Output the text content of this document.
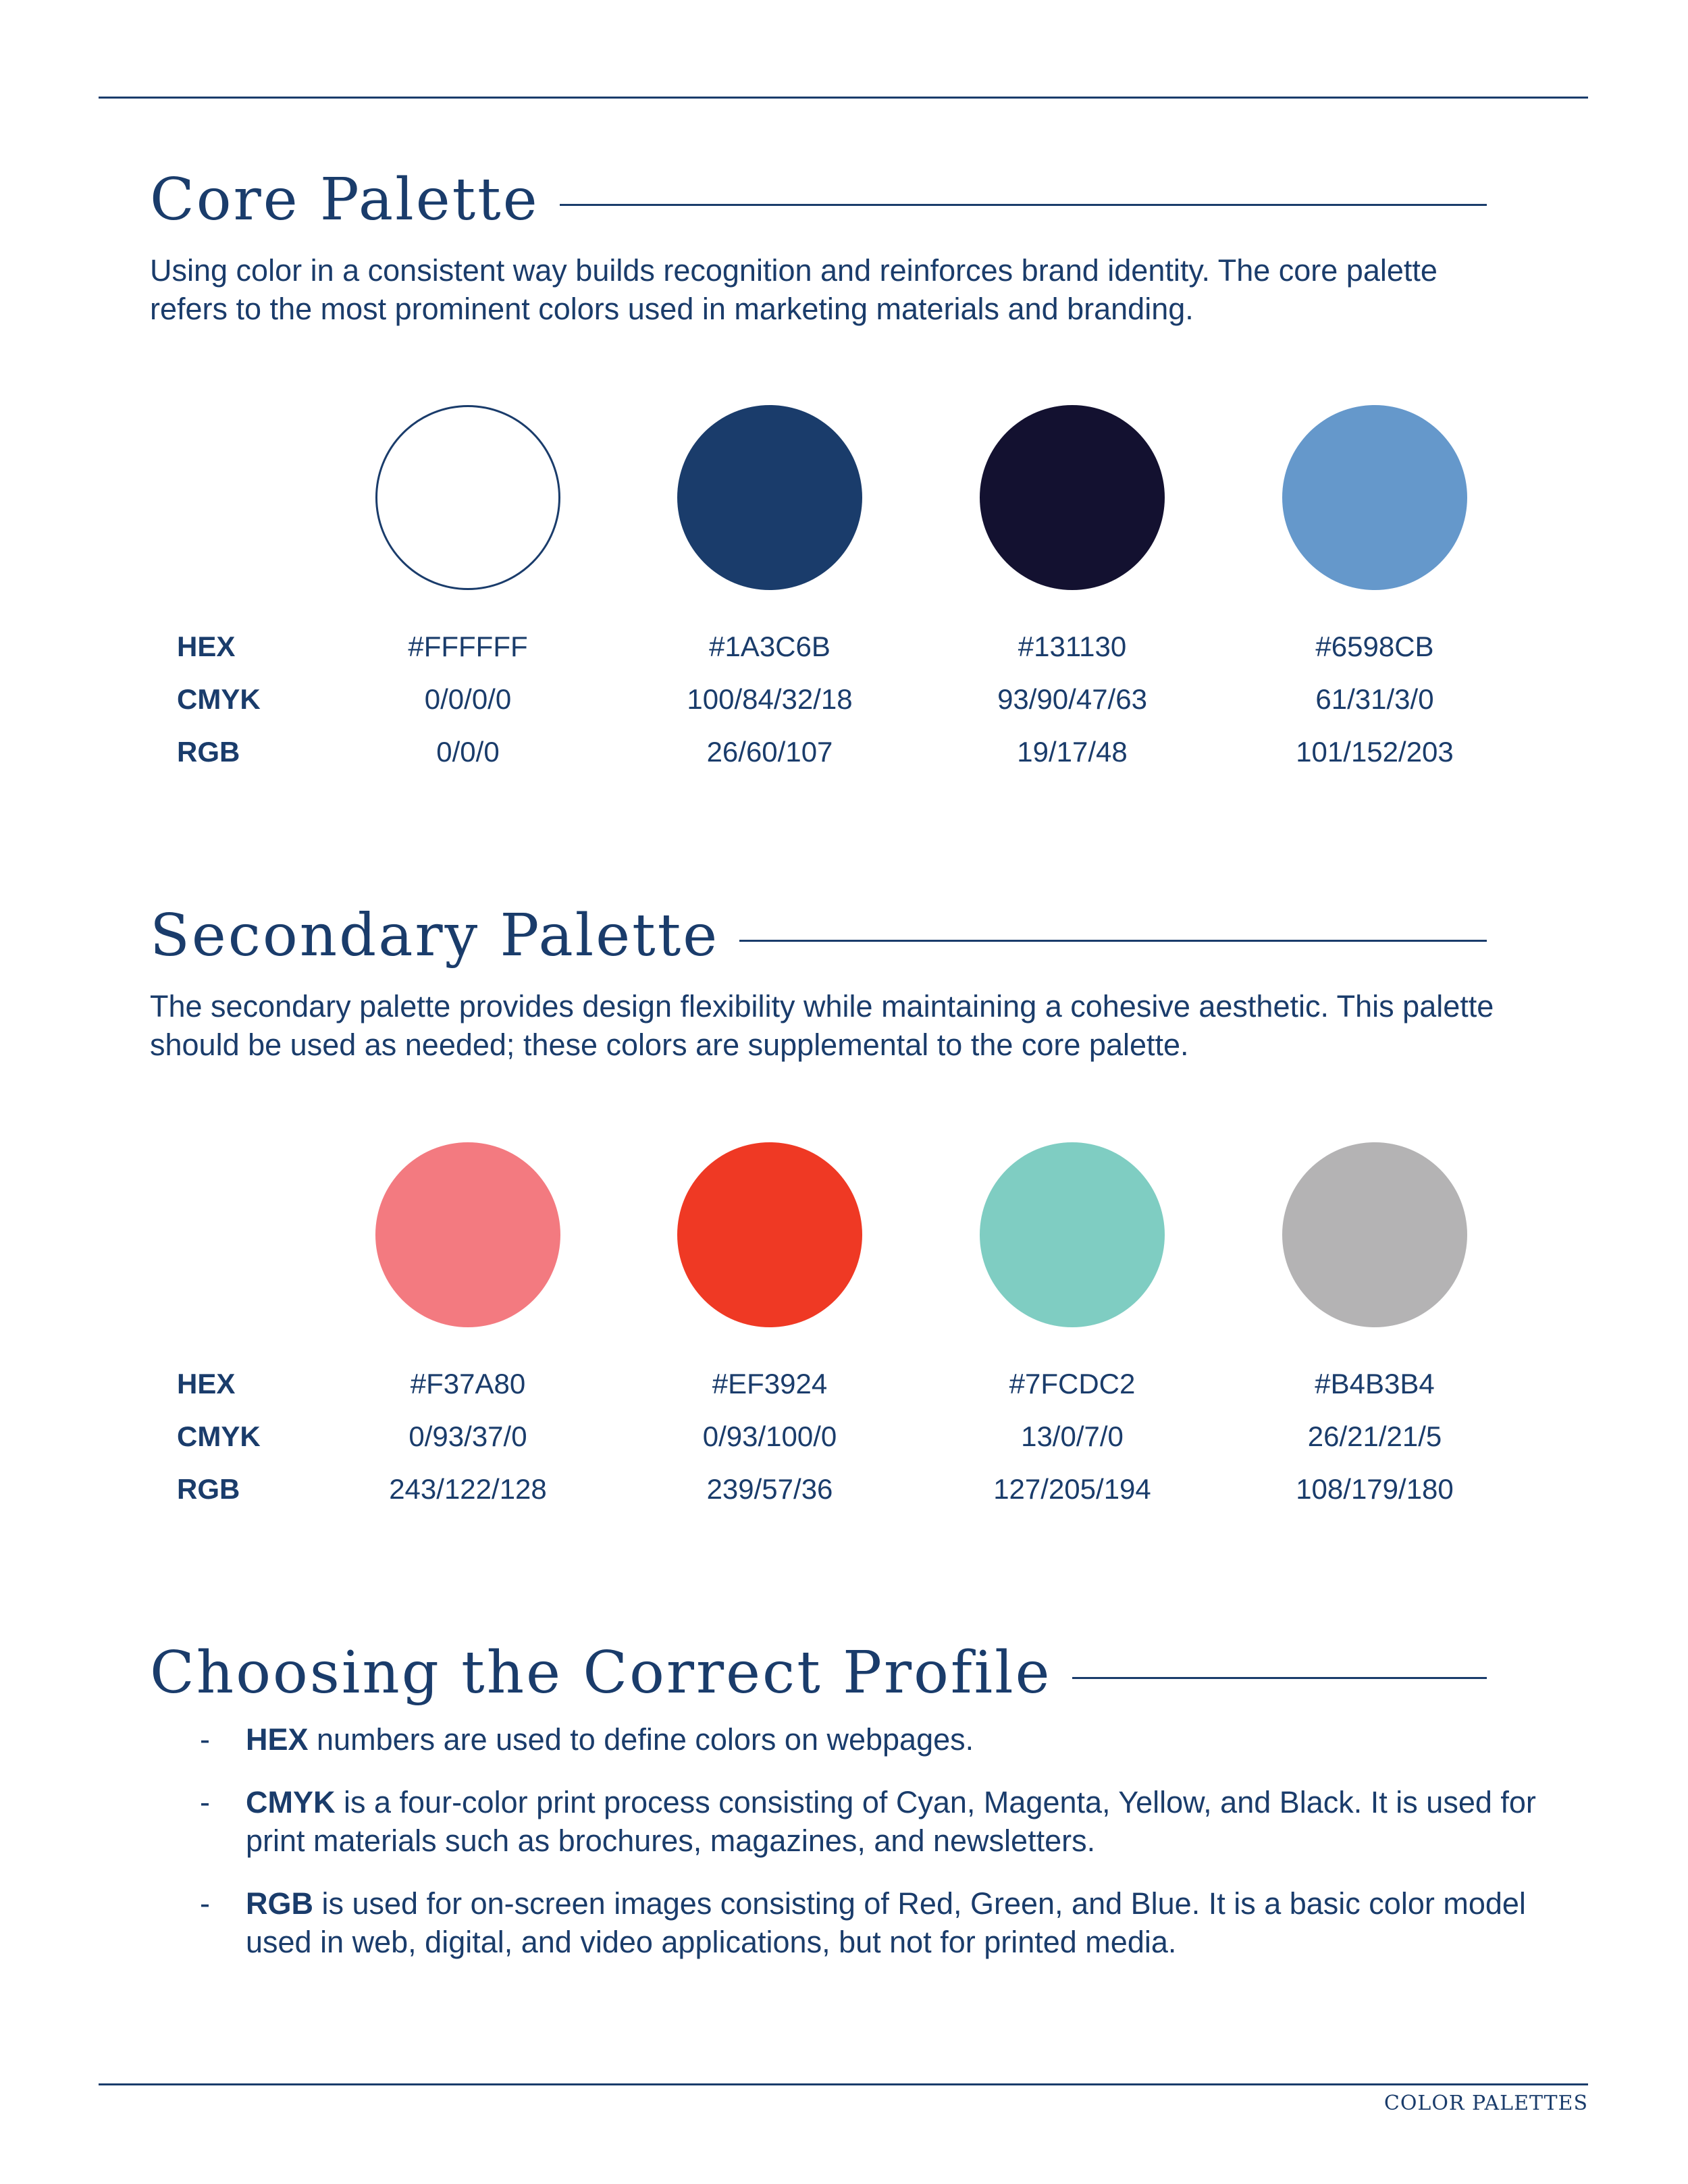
Core Palette
Using color in a consistent way builds recognition and reinforces brand identity. The core palette refers to the most prominent colors used in marketing materials and branding.
HEX	#FFFFFF	#1A3C6B	#131130	#6598CB
CMYK	0/0/0/0	100/84/32/18	93/90/47/63	61/31/3/0
RGB	0/0/0	26/60/107	19/17/48	101/152/203
Secondary Palette
The secondary palette provides design flexibility while maintaining a cohesive aesthetic. This palette should be used as needed; these colors are supplemental to the core palette.
HEX	#F37A80	#EF3924	#7FCDC2	#B4B3B4
CMYK	0/93/37/0	0/93/100/0	13/0/7/0	26/21/21/5
RGB	243/122/128	239/57/36	127/205/194	108/179/180
Choosing the Correct Profile
- HEX numbers are used to define colors on webpages.
- CMYK is a four-color print process consisting of Cyan, Magenta, Yellow, and Black. It is used for print materials such as brochures, magazines, and newsletters.
- RGB is used for on-screen images consisting of Red, Green, and Blue. It is a basic color model used in web, digital, and video applications, but not for printed media.
COLOR PALETTES
